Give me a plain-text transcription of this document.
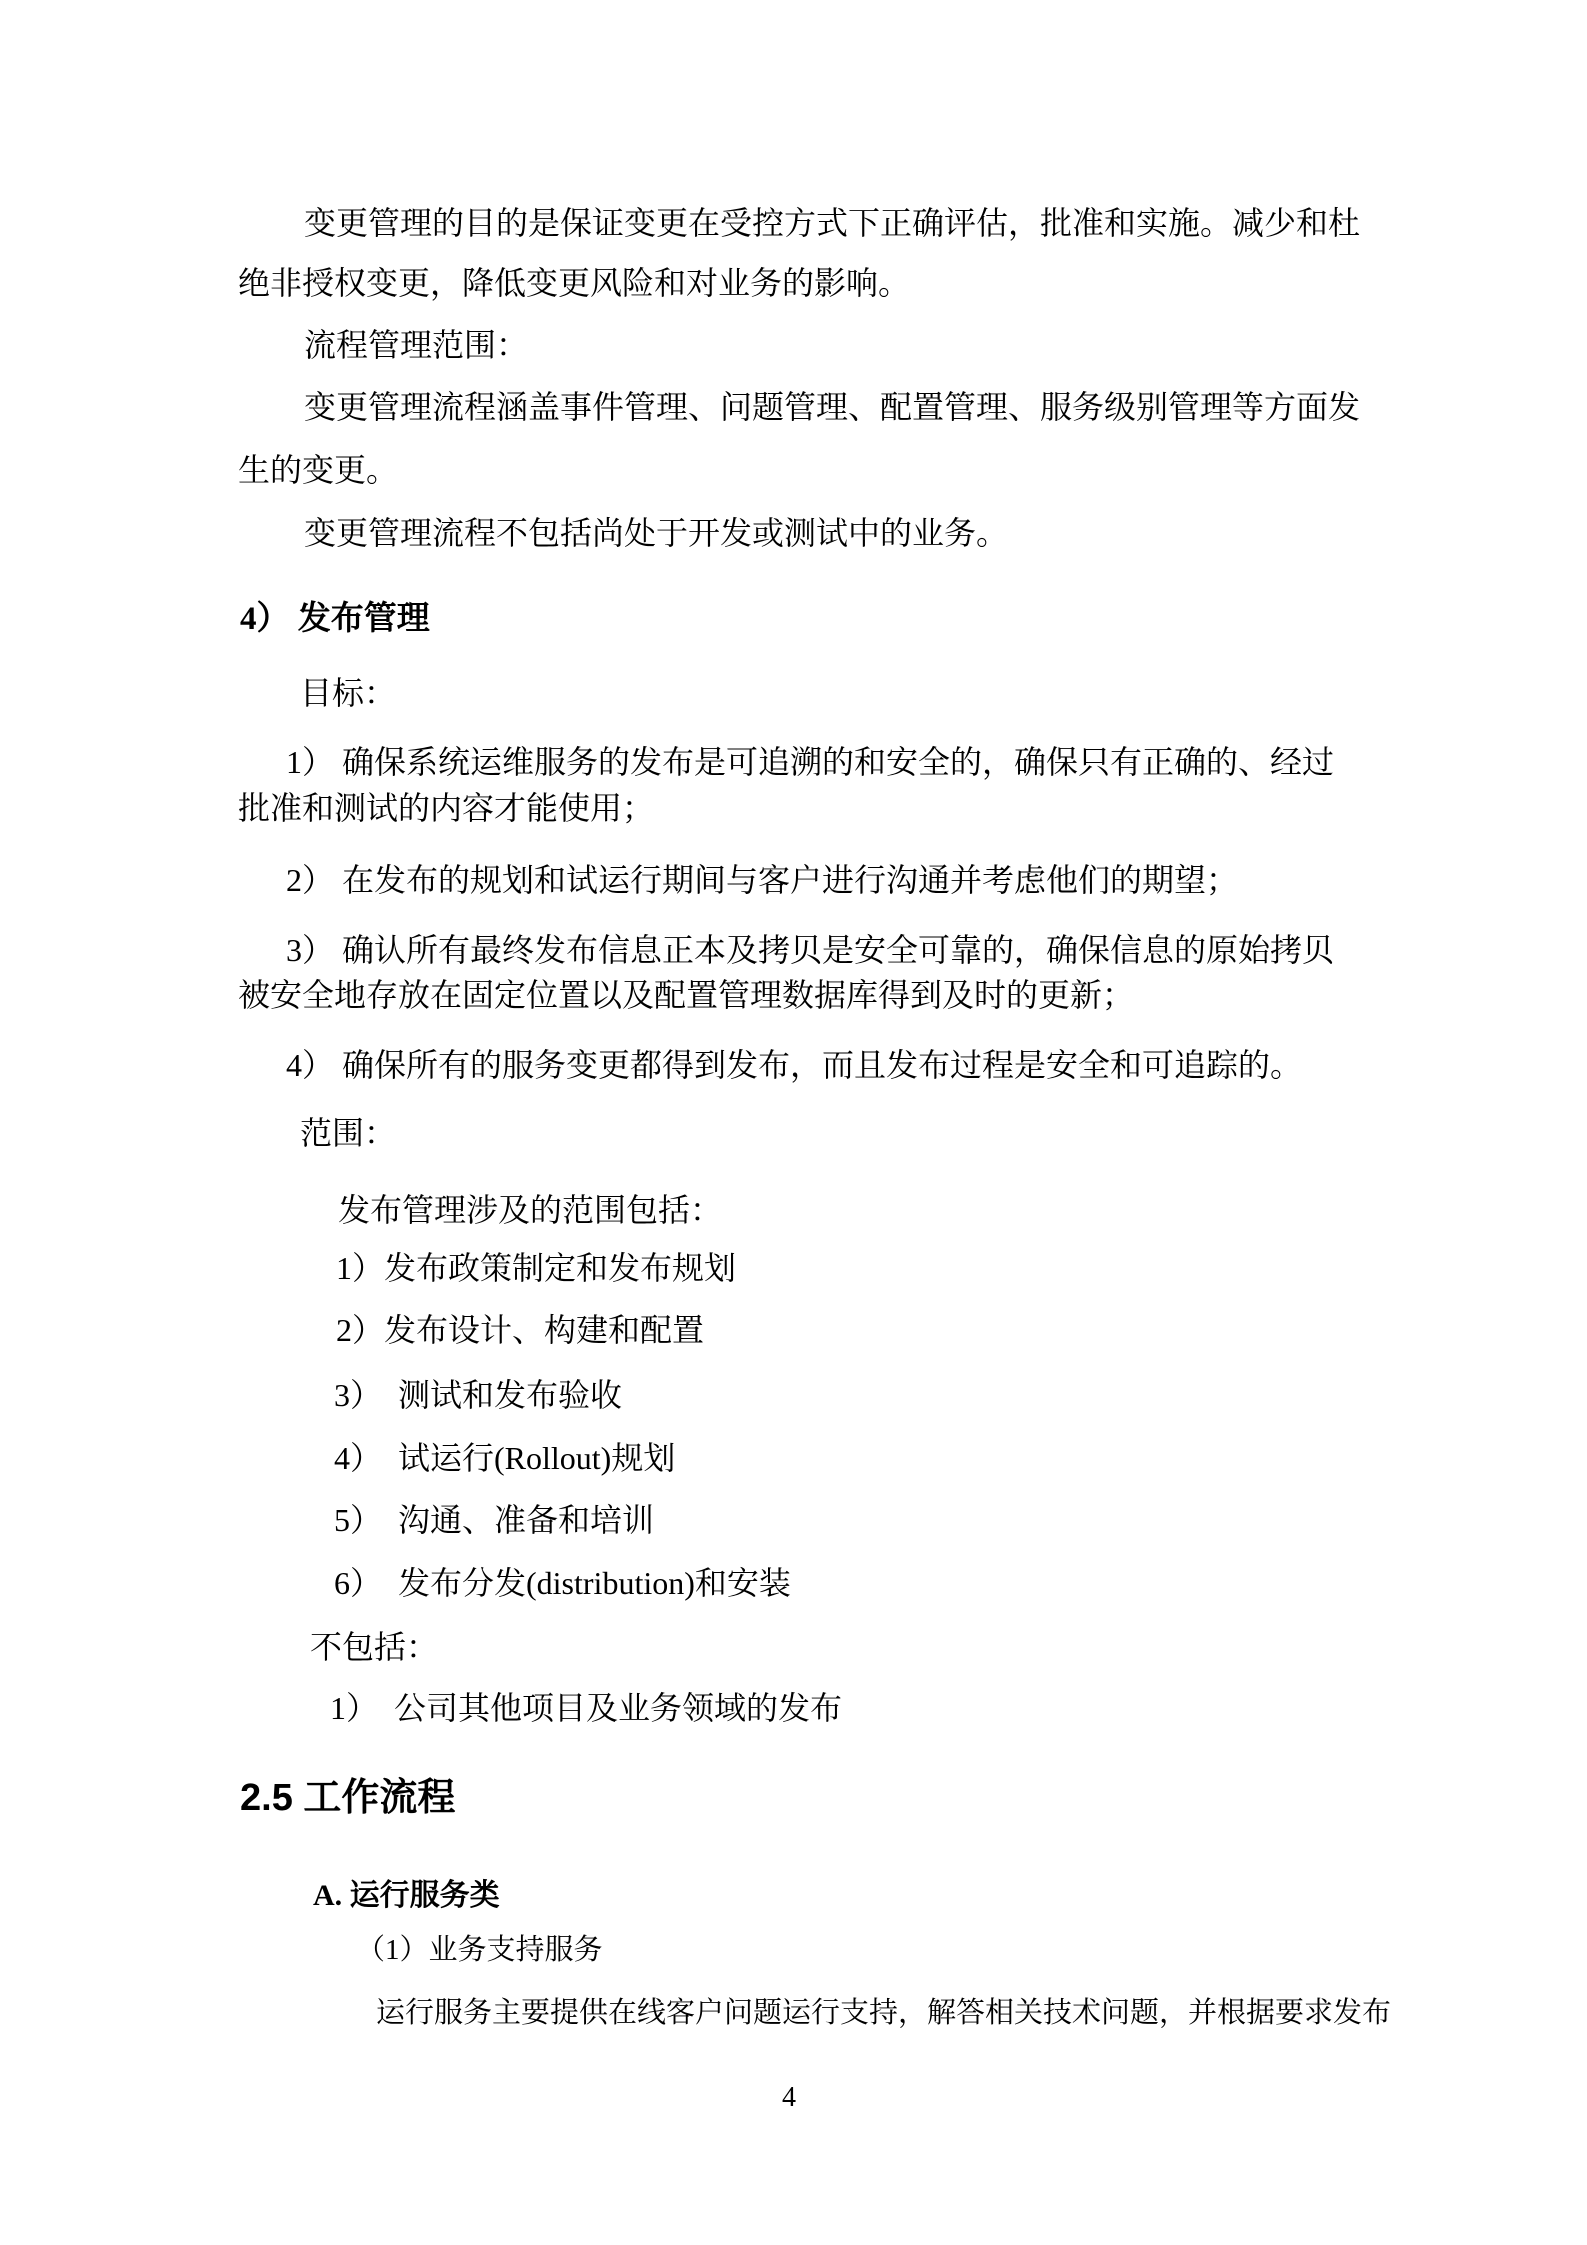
变更管理的目的是保证变更在受控方式下正确评估，批准和实施。减少和杜
绝非授权变更，降低变更风险和对业务的影响。
流程管理范围：
变更管理流程涵盖事件管理、问题管理、配置管理、服务级别管理等方面发
生的变更。
变更管理流程不包括尚处于开发或测试中的业务。
4） 发布管理
目标：
1） 确保系统运维服务的发布是可追溯的和安全的，确保只有正确的、经过
批准和测试的内容才能使用；
2） 在发布的规划和试运行期间与客户进行沟通并考虑他们的期望；
3） 确认所有最终发布信息正本及拷贝是安全可靠的，确保信息的原始拷贝
被安全地存放在固定位置以及配置管理数据库得到及时的更新；
4） 确保所有的服务变更都得到发布，而且发布过程是安全和可追踪的。
范围：
发布管理涉及的范围包括：
1）发布政策制定和发布规划
2）发布设计、构建和配置
3）  测试和发布验收
4）  试运行(Rollout)规划
5）  沟通、准备和培训
6）  发布分发(distribution)和安装
不包括：
1）　公司其他项目及业务领域的发布
2.5 工作流程
A. 运行服务类
（1）业务支持服务
运行服务主要提供在线客户问题运行支持，解答相关技术问题，并根据要求发布
4
